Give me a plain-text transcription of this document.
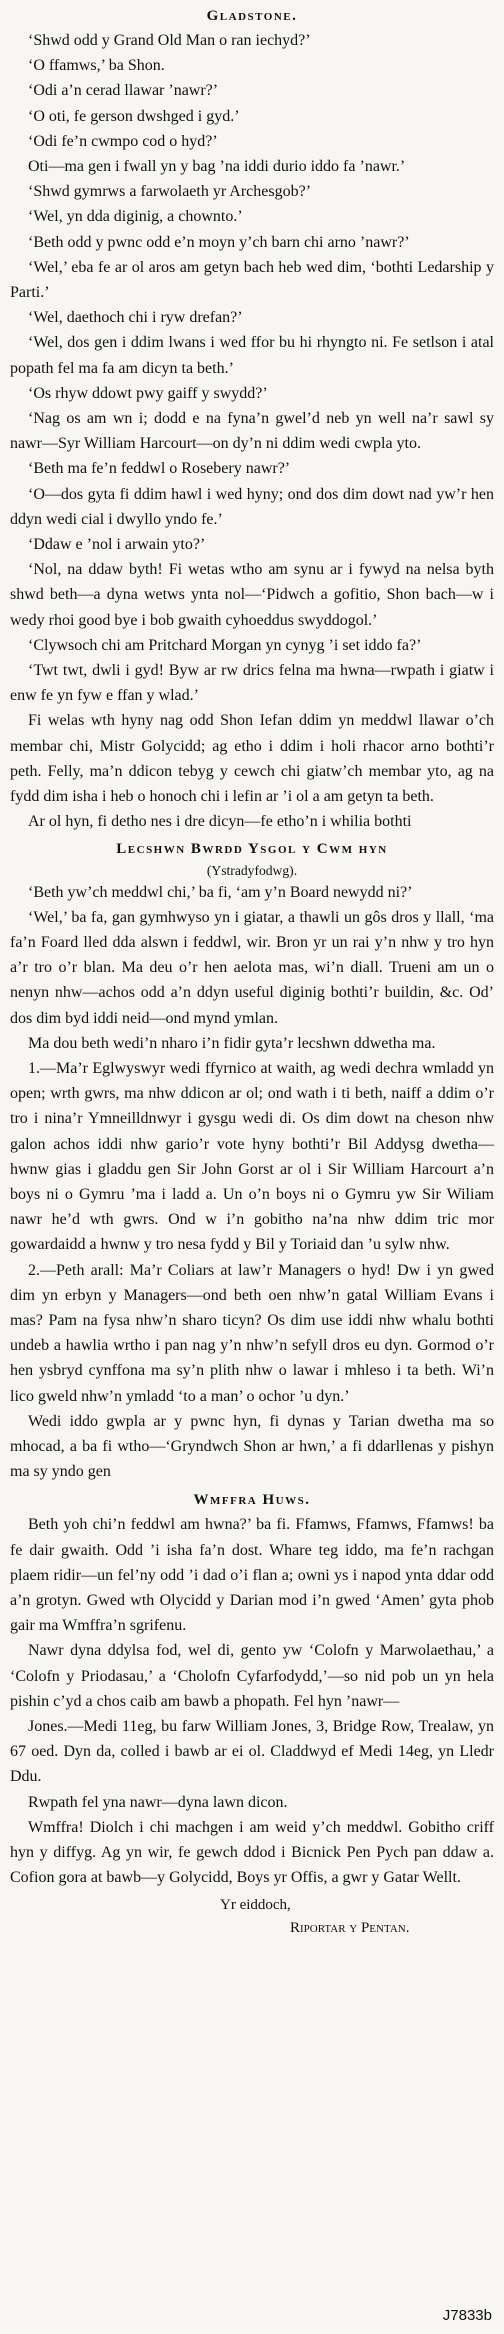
Gladstone.

‘Shwd odd y Grand Old Man o ran iechyd?’

‘O ffamws,’ ba Shon.

‘Odi a’n cerad llawar ’nawr?’

‘O oti, fe gerson dwshged i gyd.’

‘Odi fe’n cwmpo cod o hyd?’

Oti—ma gen i fwall yn y bag ’na iddi durio iddo fa ’nawr.’

‘Shwd gymrws a farwolaeth yr Archesgob?’

‘Wel, yn dda diginig, a chownto.’

‘Beth odd y pwnc odd e’n moyn y’ch barn chi arno ’nawr?’

‘Wel,’ eba fe ar ol aros am getyn bach heb wed dim, ‘bothti Ledarship y Parti.’

‘Wel, daethoch chi i ryw drefan?’

‘Wel, dos gen i ddim lwans i wed ffor bu hi rhyngto ni. Fe setlson i atal popath fel ma fa am dicyn ta beth.’

‘Os rhyw ddowt pwy gaiff y swydd?’

‘Nag os am wn i; dodd e na fyna’n gwel’d neb yn well na’r sawl sy nawr—Syr William Harcourt—on dy’n ni ddim wedi cwpla yto.

‘Beth ma fe’n feddwl o Rosebery nawr?’

‘O—dos gyta fi ddim hawl i wed hyny; ond dos dim dowt nad yw’r hen ddyn wedi cial i dwyllo yndo fe.’

‘Ddaw e ’nol i arwain yto?’

‘Nol, na ddaw byth! Fi wetas wtho am synu ar i fywyd na nelsa byth shwd beth—a dyna wetws ynta nol—‘Pidwch a gofitio, Shon bach—w i wedy rhoi good bye i bob gwaith cyhoeddus swyddogol.’

‘Clywsoch chi am Pritchard Morgan yn cynyg ’i set iddo fa?’

‘Twt twt, dwli i gyd! Byw ar rw drics felna ma hwna—rwpath i giatw i enw fe yn fyw e ffan y wlad.’

Fi welas wth hyny nag odd Shon Iefan ddim yn meddwl llawar o’ch membar chi, Mistr Golycidd; ag etho i ddim i holi rhacor arno bothti’r peth. Felly, ma’n ddicon tebyg y cewch chi giatw’ch membar yto, ag na fydd dim isha i heb o honoch chi i lefin ar ’i ol a am getyn ta beth.

Ar ol hyn, fi detho nes i dre dicyn—fe etho’n i whilia bothti

Lecshwn Bwrdd Ysgol y Cwm hyn

(Ystradyfodwg).

‘Beth yw’ch meddwl chi,’ ba fi, ‘am y’n Board newydd ni?’

‘Wel,’ ba fa, gan gymhwyso yn i giatar, a thawli un gôs dros y llall, ‘ma fa’n Foard lled dda alswn i feddwl, wir. Bron yr un rai y’n nhw y tro hyn a’r tro o’r blan. Ma deu o’r hen aelota mas, wi’n diall. Trueni am un o nenyn nhw—achos odd a’n ddyn useful diginig bothti’r buildin, &c. Od’ dos dim byd iddi neid—ond mynd ymlan.

Ma dou beth wedi’n nharo i’n fidir gyta’r lecshwn ddwetha ma.

1.—Ma’r Eglwyswyr wedi ffyrnico at waith, ag wedi dechra wmladd yn open; wrth gwrs, ma nhw ddicon ar ol; ond wath i ti beth, naiff a ddim o’r tro i nina’r Ymneilldnwyr i gysgu wedi di. Os dim dowt na cheson nhw galon achos iddi nhw gario’r vote hyny bothti’r Bil Addysg dwetha—hwnw gias i gladdu gen Sir John Gorst ar ol i Sir William Harcourt a’n boys ni o Gymru ’ma i ladd a. Un o’n boys ni o Gymru yw Sir Wiliam nawr he’d wth gwrs. Ond w i’n gobitho na’na nhw ddim tric mor gowardaidd a hwnw y tro nesa fydd y Bil y Toriaid dan ’u sylw nhw.

2.—Peth arall: Ma’r Coliars at law’r Managers o hyd! Dw i yn gwed dim yn erbyn y Managers—ond beth oen nhw’n gatal William Evans i mas? Pam na fysa nhw’n sharo ticyn? Os dim use iddi nhw whalu bothti undeb a hawlia wrtho i pan nag y’n nhw’n sefyll dros eu dyn. Gormod o’r hen ysbryd cynffona ma sy’n plith nhw o lawar i mhleso i ta beth. Wi’n lico gweld nhw’n ymladd ‘to a man’ o ochor ’u dyn.’

Wedi iddo gwpla ar y pwnc hyn, fi dynas y Tarian dwetha ma so mhocad, a ba fi wtho—‘Gryndwch Shon ar hwn,’ a fi ddarllenas y pishyn ma sy yndo gen

Wmffra Huws.

Beth yoh chi’n feddwl am hwna?’ ba fi. Ffamws, Ffamws, Ffamws! ba fe dair gwaith. Odd ’i isha fa’n dost. Whare teg iddo, ma fe’n rachgan plaem ridir—un fel’ny odd ’i dad o’i flan a; owni ys i napod ynta ddar odd a’n grotyn. Gwed wth Olycidd y Darian mod i’n gwed ‘Amen’ gyta phob gair ma Wmffra’n sgrifenu.

Nawr dyna ddylsa fod, wel di, gento yw ‘Colofn y Marwolaethau,’ a ‘Colofn y Priodasau,’ a ‘Cholofn Cyfarfodydd,’—so nid pob un yn hela pishin c’yd a chos caib am bawb a phopath. Fel hyn ’nawr—

Jones.—Medi 11eg, bu farw William Jones, 3, Bridge Row, Trealaw, yn 67 oed. Dyn da, colled i bawb ar ei ol. Claddwyd ef Medi 14eg, yn Lledr Ddu.

Rwpath fel yna nawr—dyna lawn dicon.

Wmffra! Diolch i chi machgen i am weid y’ch meddwl. Gobitho criff hyn y diffyg. Ag yn wir, fe gewch ddod i Bicnick Pen Pych pan ddaw a. Cofion gora at bawb—y Golycidd, Boys yr Offis, a gwr y Gatar Wellt.

Yr eiddoch,
Riportar y Pentan.
J7833b
